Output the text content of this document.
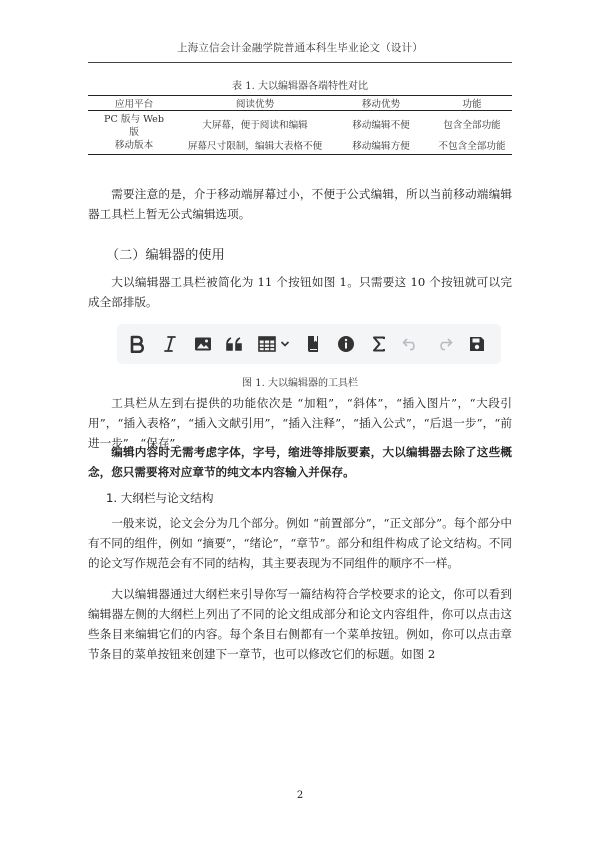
上海立信会计金融学院普通本科生毕业论文（设计）
表 1. 大以编辑器各端特性对比
应用平台	阅读优势	移动优势	功能
PC 版与 Web 版	大屏幕，便于阅读和编辑	移动编辑不便	包含全部功能
移动版本	屏幕尺寸限制，编辑大表格不便	移动编辑方便	不包含全部功能

需要注意的是，介于移动端屏幕过小，不便于公式编辑，所以当前移动端编辑器工具栏上暂无公式编辑选项。

（二）编辑器的使用

大以编辑器工具栏被简化为 11 个按钮如图 1。只需要这 10 个按钮就可以完成全部排版。

图 1. 大以编辑器的工具栏

工具栏从左到右提供的功能依次是 “加粗”，“斜体”，“插入图片”，“大段引用”，“插入表格”，“插入文献引用”，“插入注释”，“插入公式”，“后退一步”，“前进一步”，“保存”。

编辑内容时无需考虑字体，字号，缩进等排版要素，大以编辑器去除了这些概念，您只需要将对应章节的纯文本内容输入并保存。

1. 大纲栏与论文结构

一般来说，论文会分为几个部分。例如 “前置部分”，“正文部分”。每个部分中有不同的组件，例如 “摘要”，“绪论”，“章节”。部分和组件构成了论文结构。不同的论文写作规范会有不同的结构，其主要表现为不同组件的顺序不一样。

大以编辑器通过大纲栏来引导你写一篇结构符合学校要求的论文，你可以看到编辑器左侧的大纲栏上列出了不同的论文组成部分和论文内容组件，你可以点击这些条目来编辑它们的内容。每个条目右侧都有一个菜单按钮。例如，你可以点击章节条目的菜单按钮来创建下一章节，也可以修改它们的标题。如图 2

2
